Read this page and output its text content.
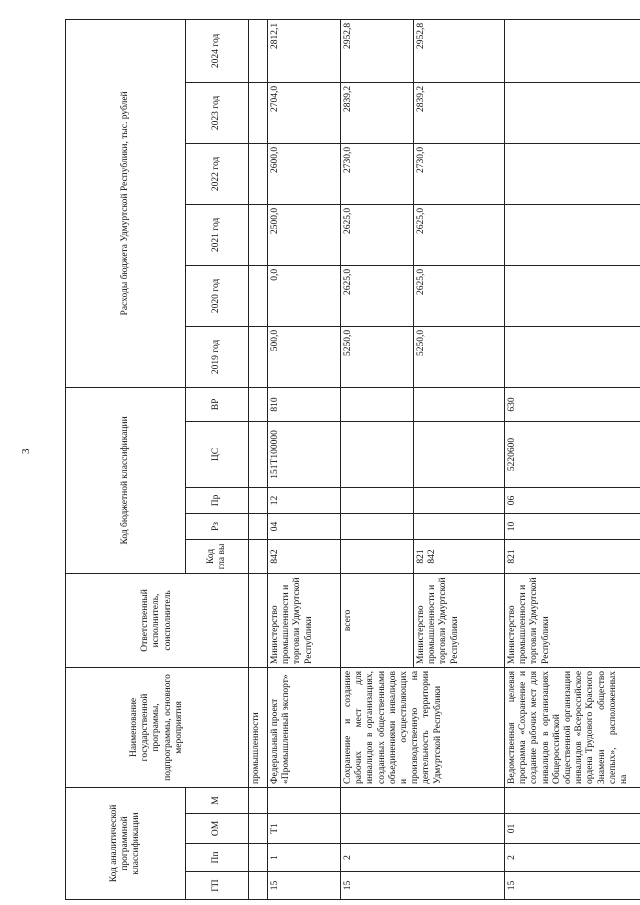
3
Код аналитической программной классификации				Наименование государственной программы, подпрограммы, основного мероприятия	Ответственный исполнитель, соисполнитель	Код бюджетной классификации					Расходы бюджета Удмуртской Республики, тыс. рублей					
ГП	Пп	ОМ	М			Код гла вы	Рз	Пр	ЦС	ВР	2019 год	2020 год	2021 год	2022 год	2023 год	2024 год
				промышленности												
15	1	Т1		Федеральный проект «Промышленный экспорт»	Министерство промышленности и торговли Удмуртской Республики	842	04	12	151Т100000	810	500,0	0,0	2500,0	2600,0	2704,0	2812,1
15	2			Сохранение и создание рабочих мест для инвалидов в организациях, созданных общественными объединениями инвалидов и осуществляющих производственную на деятельность территории Удмуртской Республики	всего						5250,0	2625,0	2625,0	2730,0	2839,2	2952,8
					Министерство промышленности и торговли Удмуртской Республики	821 842					5250,0	2625,0	2625,0	2730,0	2839,2	2952,8
15	2	01		Ведомственная целевая программа «Сохранение и создание рабочих мест для инвалидов в организациях Общероссийской общественной организации инвалидов «Всероссийское ордена Трудового Красного Знамени общество слепых», расположенных на	Министерство промышленности и торговли Удмуртской Республики	821	10	06	5220600	630						
